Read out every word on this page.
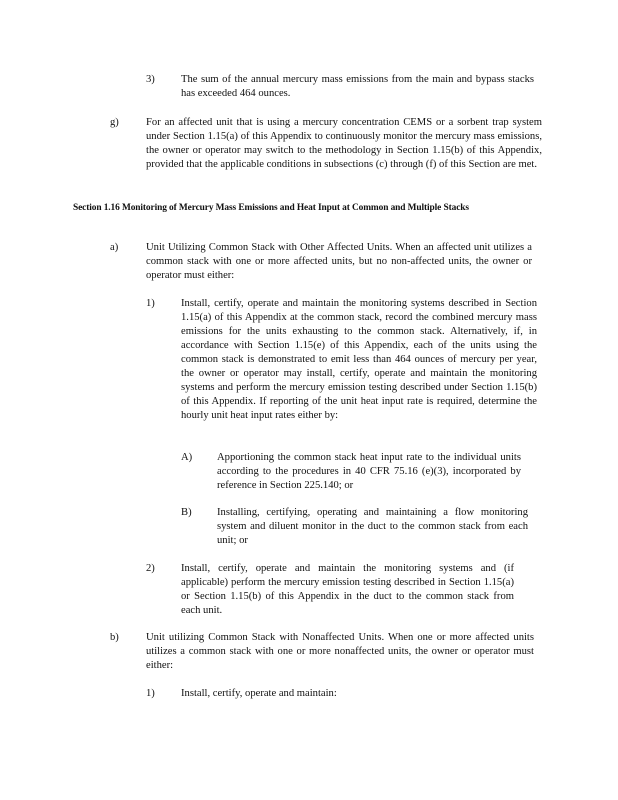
3) The sum of the annual mercury mass emissions from the main and bypass stacks has exceeded 464 ounces.

g)	For an affected unit that is using a mercury concentration CEMS or a sorbent trap system under Section 1.15(a) of this Appendix to continuously monitor the mercury mass emissions, the owner or operator may switch to the methodology in Section 1.15(b) of this Appendix, provided that the applicable conditions in subsections (c) through (f) of this Section are met.

Section 1.16 Monitoring of Mercury Mass Emissions and Heat Input at Common and Multiple Stacks

a)	Unit Utilizing Common Stack with Other Affected Units. When an affected unit utilizes a common stack with one or more affected units, but no non-affected units, the owner or operator must either:

1) Install, certify, operate and maintain the monitoring systems described in Section 1.15(a) of this Appendix at the common stack, record the combined mercury mass emissions for the units exhausting to the common stack. Alternatively, if, in accordance with Section 1.15(e) of this Appendix, each of the units using the common stack is demonstrated to emit less than 464 ounces of mercury per year, the owner or operator may install, certify, operate and maintain the monitoring systems and perform the mercury emission testing described under Section 1.15(b) of this Appendix. If reporting of the unit heat input rate is required, determine the hourly unit heat input rates either by:

A) Apportioning the common stack heat input rate to the individual units according to the procedures in 40 CFR 75.16 (e)(3), incorporated by reference in Section 225.140; or

B) Installing, certifying, operating and maintaining a flow monitoring system and diluent monitor in the duct to the common stack from each unit; or

2) Install, certify, operate and maintain the monitoring systems and (if applicable) perform the mercury emission testing described in Section 1.15(a) or Section 1.15(b) of this Appendix in the duct to the common stack from each unit.

b)	Unit utilizing Common Stack with Nonaffected Units. When one or more affected units utilizes a common stack with one or more nonaffected units, the owner or operator must either:

1) Install, certify, operate and maintain:
